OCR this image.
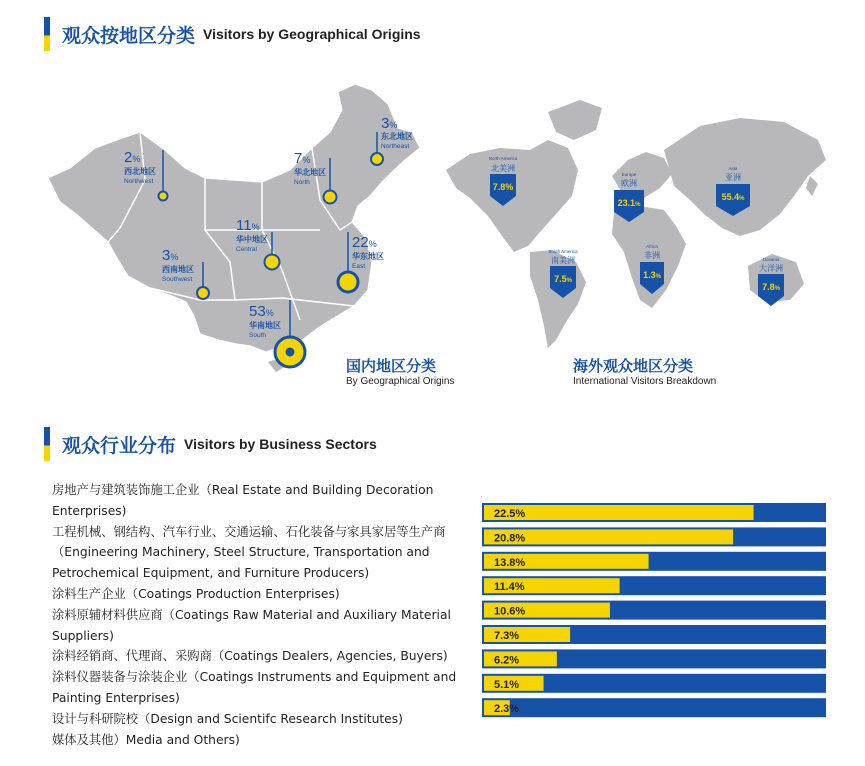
观众按地区分类 Visitors by Geographical Origins
3%
东北地区
Northeast
2%
西北地区
Northwest
7%
华北地区
North
11%
华中地区
Central	22%
华东地区
East
3%
西南地区
Southwest
53%
华南地区
South
North America
北美洲
7.8%
Europe
欧洲
23.1%
Asia
亚洲
55.4%
South America
南美洲
7.5%
Africa
非洲
1.3%
Oceania
大洋洲
7.8%
国内地区分类
By Geographical Origins
海外观众地区分类
International Visitors Breakdown
观众行业分布 Visitors by Business Sectors

房地产与建筑装饰施工企业（Real Estate and Building Decoration Enterprises)

工程机械、钢结构、汽车行业、交通运输、石化装备与家具家居等生产商（Engineering Machinery, Steel Structure, Transportation and Petrochemical Equipment, and Furniture Producers)

涂料生产企业（Coatings Production Enterprises)

涂料原辅材料供应商（Coatings Raw Material and Auxiliary Material Suppliers)

涂料经销商、代理商、采购商（Coatings Dealers, Agencies, Buyers)

涂料仪器装备与涂装企业（Coatings Instruments and Equipment and Painting Enterprises)

设计与科研院校（Design and Scientifc Research Institutes)

媒体及其他）Media and Others)

22.5%
20.8%
13.8%
11.4%
10.6%
7.3%
6.2%
5.1%
2.3%
